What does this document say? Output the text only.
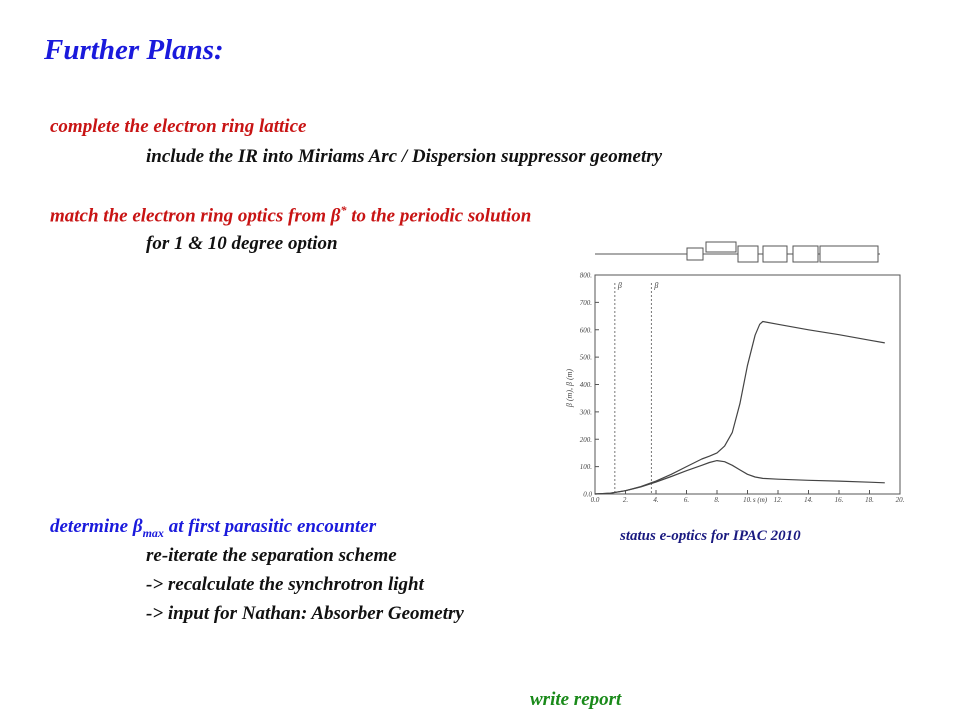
Further Plans:
complete the electron ring lattice
include the IR into Miriams Arc / Dispersion suppressor geometry
match the electron ring optics from β* to the periodic solution
for 1 & 10 degree option
determine $\beta_{max}$ at first parasitic encounter
re-iterate the separation scheme
-> recalculate the synchrotron light
-> input for Nathan: Absorber Geometry
write report
status e-optics for IPAC 2010
β (m), β (m)
s (m)
0.0
100.
200.
300.
400.
500.
600.
700.
800.
0.0	2.	4.	6.	8.	10.	12.	14.	16.	18.	20.
β	β
